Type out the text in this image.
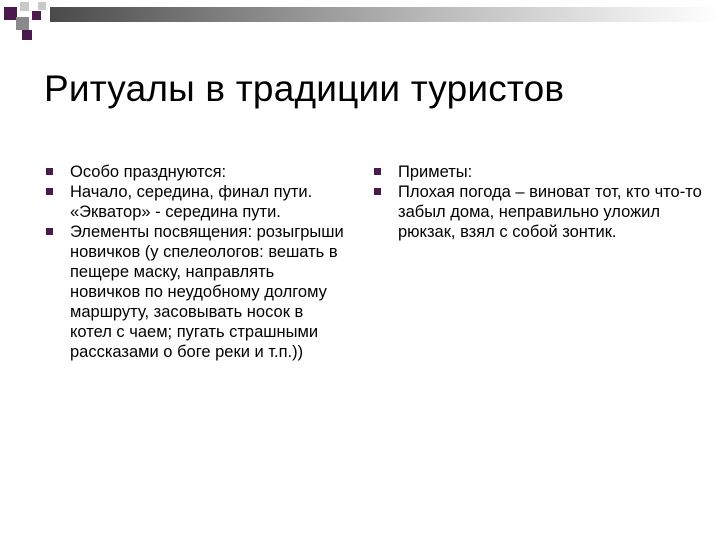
Ритуалы в традиции туристов
Особо празднуются:
Начало, середина, финал пути. «Экватор» - середина пути.
Элементы посвящения: розыгрыши новичков (у спелеологов: вешать в пещере маску, направлять новичков по неудобному долгому маршруту, засовывать носок в котел с чаем; пугать страшными рассказами о боге реки и т.п.))
Приметы:
Плохая погода – виноват тот, кто что-то забыл дома, неправильно уложил рюкзак, взял с собой зонтик.
